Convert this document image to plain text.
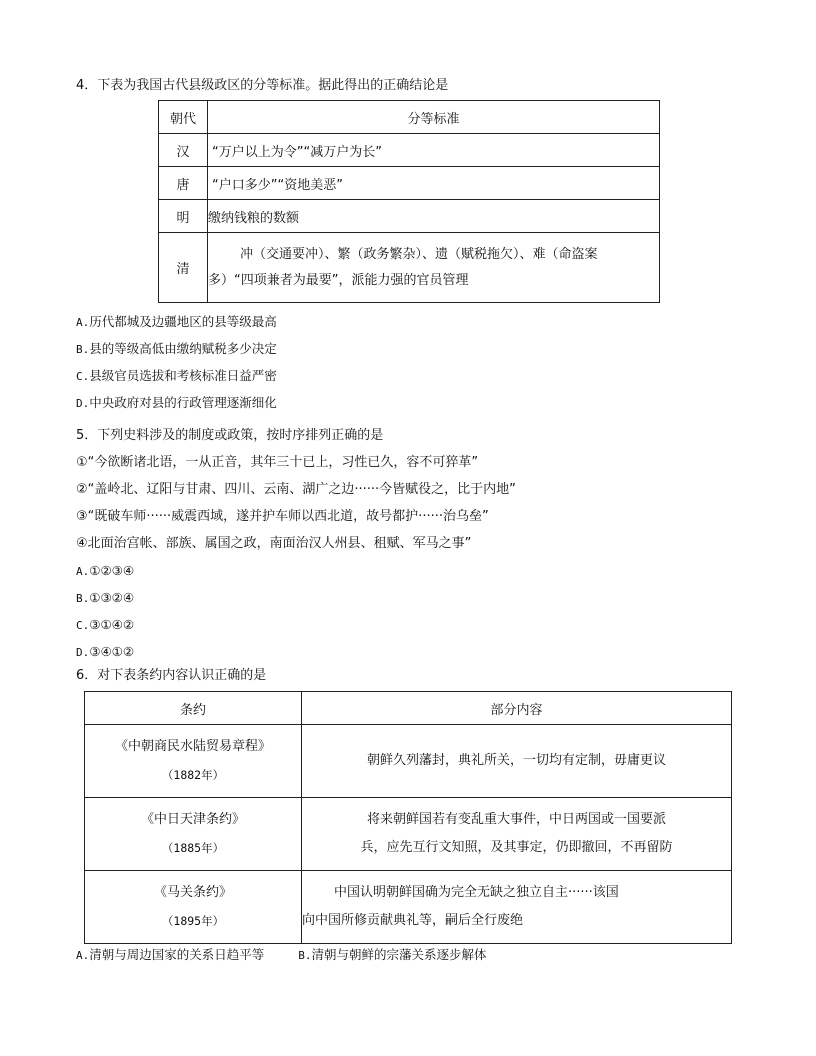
4．下表为我国古代县级政区的分等标准。据此得出的正确结论是
朝代	分等标准
汉	“万户以上为令”“减万户为长”
唐	“户口多少”“资地美恶”
明	缴纳钱粮的数额
清	冲（交通要冲）、繁（政务繁杂）、遗（赋税拖欠）、难（命盗案
多）“四项兼者为最要”，派能力强的官员管理
A.历代都城及边疆地区的县等级最高
B.县的等级高低由缴纳赋税多少决定
C.县级官员选拔和考核标准日益严密
D.中央政府对县的行政管理逐渐细化
5．下列史料涉及的制度或政策，按时序排列正确的是
①“今欲断诸北语，一从正音，其年三十已上，习性已久，容不可猝革”
②“盖岭北、辽阳与甘肃、四川、云南、湖广之边······今皆赋役之，比于内地”
③“既破车师······威震西域，遂并护车师以西北道，故号都护······治乌垒”
④北面治宫帐、部族、属国之政，南面治汉人州县、租赋、军马之事”
A.①②③④
B.①③②④
C.③①④②
D.③④①②
6．对下表条约内容认识正确的是
条约	部分内容

《中朝商民水陆贸易章程》
（1882年）	朝鲜久列藩封，典礼所关，一切均有定制，毋庸更议

《中日天津条约》
（1885年）	将来朝鲜国若有变乱重大事件，中日两国或一国要派
兵，应先互行文知照，及其事定，仍即撤回，不再留防

《马关条约》
（1895年）	中国认明朝鲜国确为完全无缺之独立自主······该国
向中国所修贡献典礼等，嗣后全行废绝
A.清朝与周边国家的关系日趋平等	B.清朝与朝鲜的宗藩关系逐步解体
